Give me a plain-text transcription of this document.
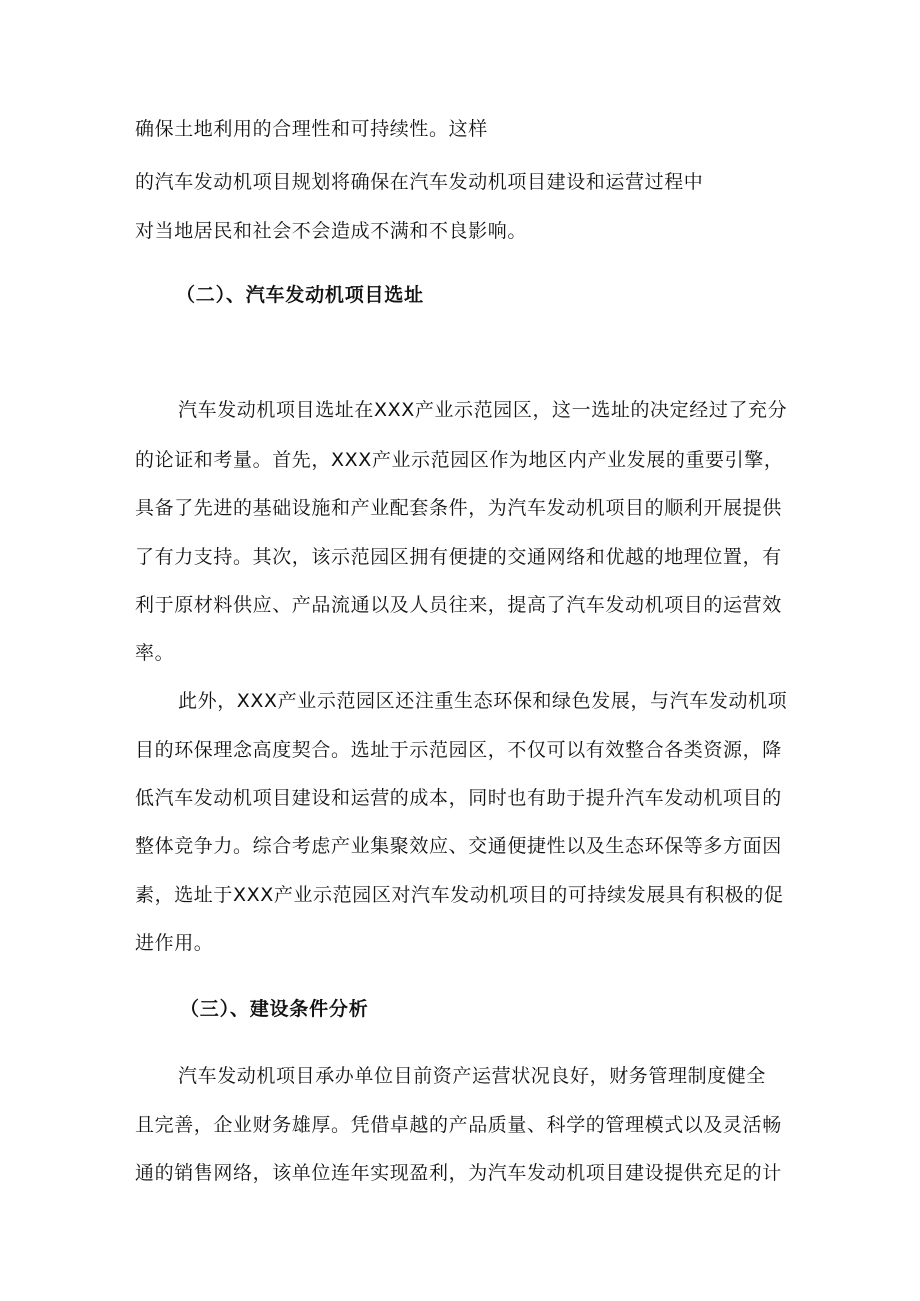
确保土地利用的合理性和可持续性。这样
的汽车发动机项目规划将确保在汽车发动机项目建设和运营过程中
对当地居民和社会不会造成不满和不良影响。
（二）、汽车发动机项目选址
汽车发动机项目选址在XXX产业示范园区，这一选址的决定经过了充分
的论证和考量。首先，XXX产业示范园区作为地区内产业发展的重要引擎，
具备了先进的基础设施和产业配套条件，为汽车发动机项目的顺利开展提供
了有力支持。其次，该示范园区拥有便捷的交通网络和优越的地理位置，有
利于原材料供应、产品流通以及人员往来，提高了汽车发动机项目的运营效
率。
此外，XXX产业示范园区还注重生态环保和绿色发展，与汽车发动机项
目的环保理念高度契合。选址于示范园区，不仅可以有效整合各类资源，降
低汽车发动机项目建设和运营的成本，同时也有助于提升汽车发动机项目的
整体竞争力。综合考虑产业集聚效应、交通便捷性以及生态环保等多方面因
素，选址于XXX产业示范园区对汽车发动机项目的可持续发展具有积极的促
进作用。
（三）、建设条件分析
汽车发动机项目承办单位目前资产运营状况良好，财务管理制度健全
且完善，企业财务雄厚。凭借卓越的产品质量、科学的管理模式以及灵活畅
通的销售网络，该单位连年实现盈利，为汽车发动机项目建设提供充足的计
